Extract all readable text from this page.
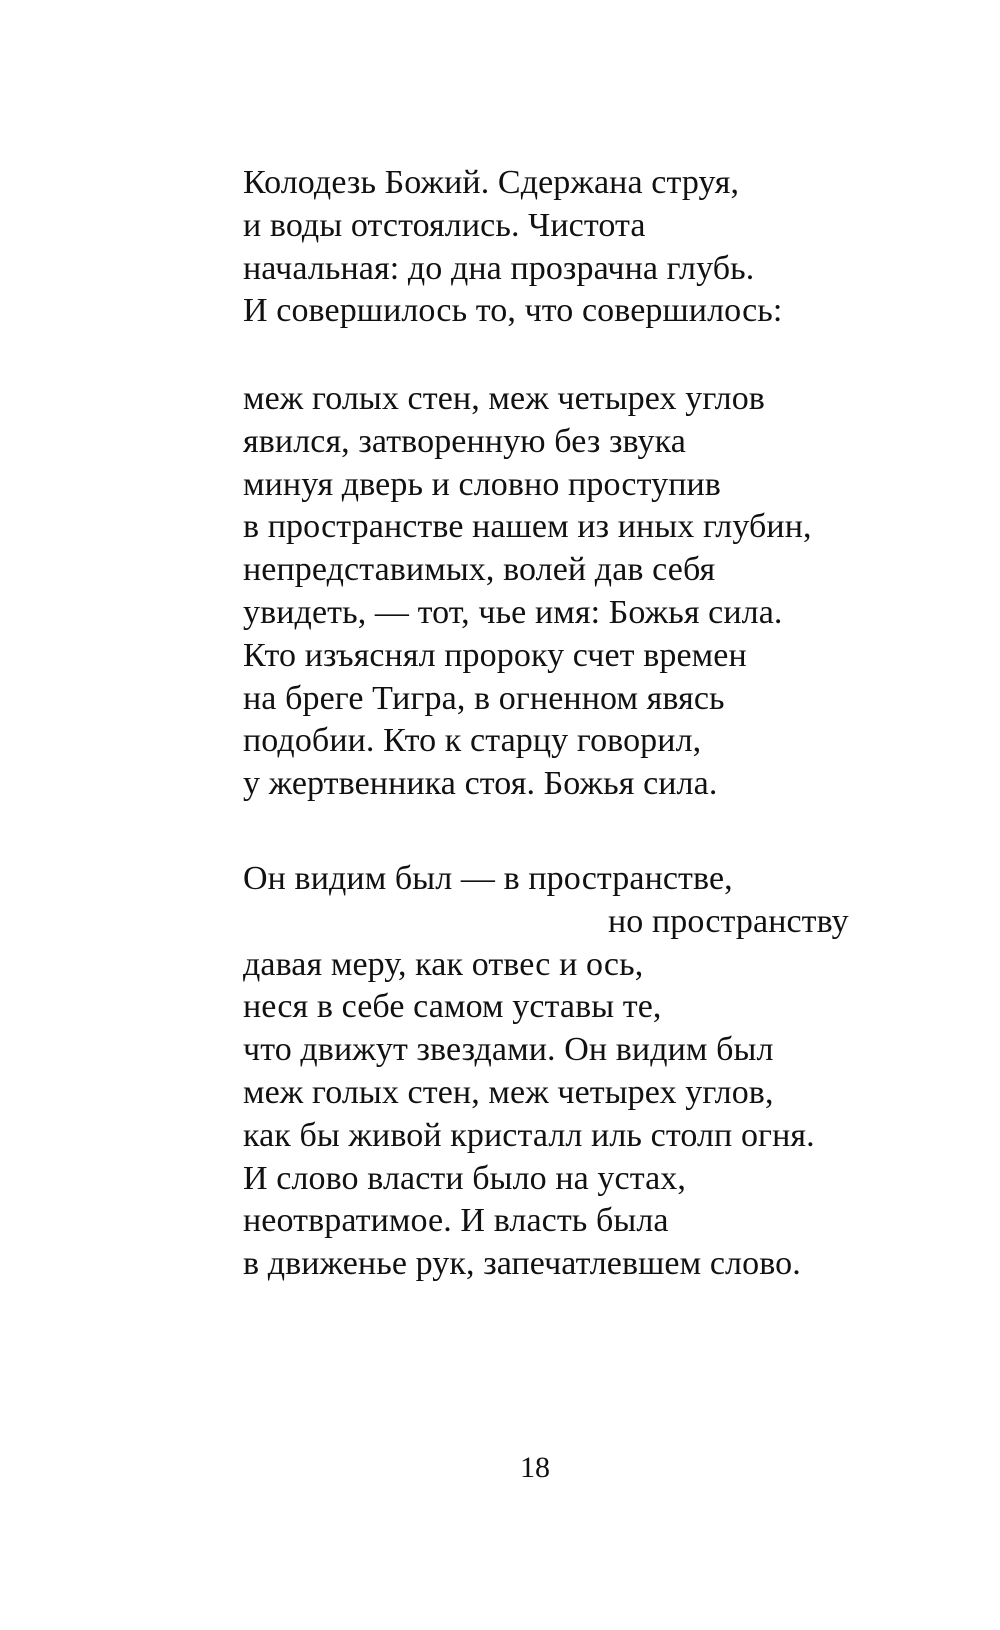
Колодезь Божий. Сдержана струя,
и воды отстоялись. Чистота
начальная: до дна прозрачна глубь.
И совершилось то, что совершилось:
меж голых стен, меж четырех углов
явился, затворенную без звука
минуя дверь и словно проступив
в пространстве нашем из иных глубин,
непредставимых, волей дав себя
увидеть, — тот, чье имя: Божья сила.
Кто изъяснял пророку счет времен
на бреге Тигра, в огненном явясь
подобии. Кто к старцу говорил,
у жертвенника стоя. Божья сила.
Он видим был — в пространстве,
но пространству
давая меру, как отвес и ось,
неся в себе самом уставы те,
что движут звездами. Он видим был
меж голых стен, меж четырех углов,
как бы живой кристалл иль столп огня.
И слово власти было на устах,
неотвратимое. И власть была
в движенье рук, запечатлевшем слово.
18
